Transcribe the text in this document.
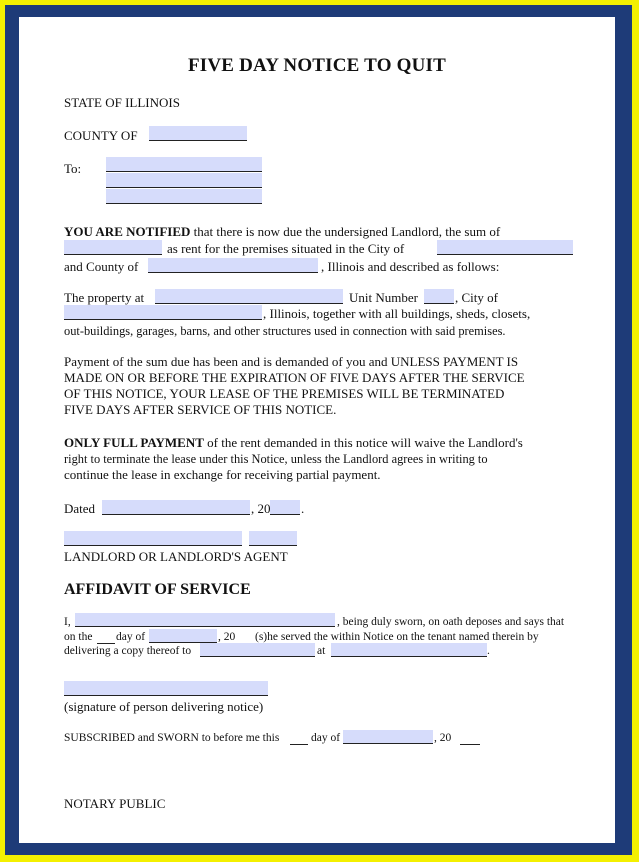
FIVE DAY NOTICE TO QUIT
STATE OF ILLINOIS
COUNTY OF
To:
YOU ARE NOTIFIED that there is now due the undersigned Landlord, the sum of
as rent for the premises situated in the City of
and County of	, Illinois and described as follows:
The property at	Unit Number	, City of
, Illinois, together with all buildings, sheds, closets,
out-buildings, garages, barns, and other structures used in connection with said premises.
Payment of the sum due has been and is demanded of you and UNLESS PAYMENT IS
MADE ON OR BEFORE THE EXPIRATION OF FIVE DAYS AFTER THE SERVICE
OF THIS NOTICE, YOUR LEASE OF THE PREMISES WILL BE TERMINATED
FIVE DAYS AFTER SERVICE OF THIS NOTICE.
ONLY FULL PAYMENT of the rent demanded in this notice will waive the Landlord's
right to terminate the lease under this Notice, unless the Landlord agrees in writing to
continue the lease in exchange for receiving partial payment.
Dated	, 20 .
LANDLORD OR LANDLORD'S AGENT
AFFIDAVIT OF SERVICE
I,	, being duly sworn, on oath deposes and says that
on the day of	, 20 (s)he served the within Notice on the tenant named therein by
delivering a copy thereof to	at	.
(signature of person delivering notice)
SUBSCRIBED and SWORN to before me this	day of	, 20
NOTARY PUBLIC
